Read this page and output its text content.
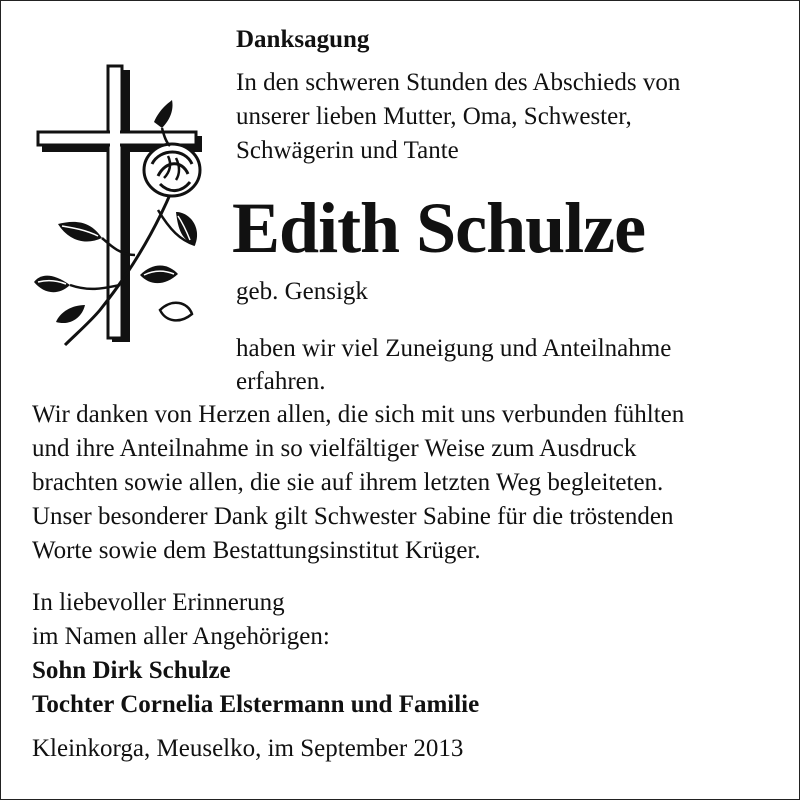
Danksagung

In den schweren Stunden des Abschieds von
unserer lieben Mutter, Oma, Schwester,
Schwägerin und Tante

Edith Schulze

geb. Gensigk

haben wir viel Zuneigung und Anteilnahme
erfahren.

Wir danken von Herzen allen, die sich mit uns verbunden fühlten
und ihre Anteilnahme in so vielfältiger Weise zum Ausdruck
brachten sowie allen, die sie auf ihrem letzten Weg begleiteten.
Unser besonderer Dank gilt Schwester Sabine für die tröstenden
Worte sowie dem Bestattungsinstitut Krüger.

In liebevoller Erinnerung
im Namen aller Angehörigen:
Sohn Dirk Schulze
Tochter Cornelia Elstermann und Familie

Kleinkorga, Meuselko, im September 2013
